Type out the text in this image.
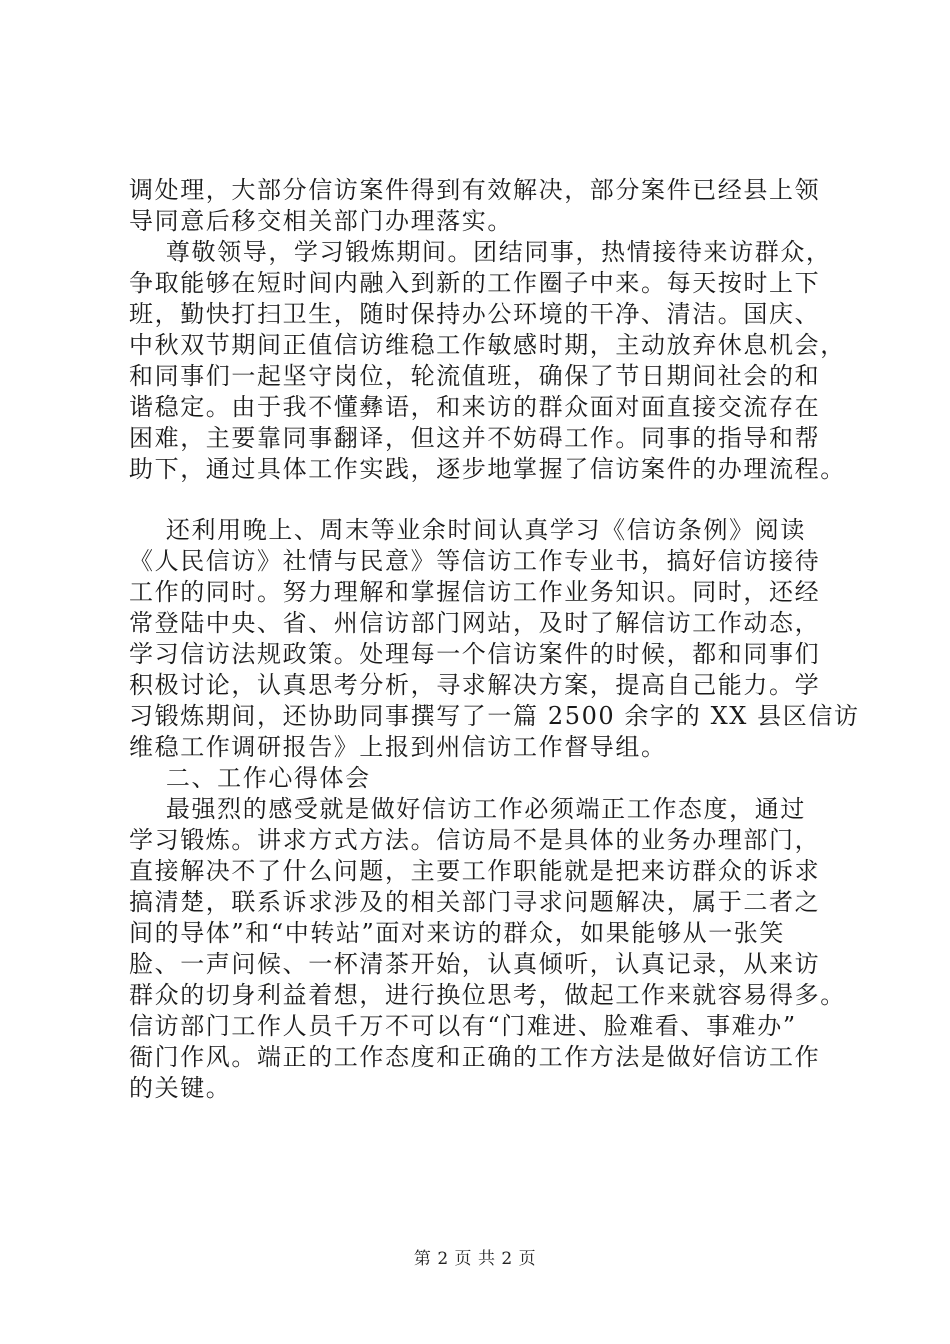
调处理，大部分信访案件得到有效解决，部分案件已经县上领
导同意后移交相关部门办理落实。

尊敬领导，学习锻炼期间。团结同事，热情接待来访群众，
争取能够在短时间内融入到新的工作圈子中来。每天按时上下
班，勤快打扫卫生，随时保持办公环境的干净、清洁。国庆、
中秋双节期间正值信访维稳工作敏感时期，主动放弃休息机会，
和同事们一起坚守岗位，轮流值班，确保了节日期间社会的和
谐稳定。由于我不懂彝语，和来访的群众面对面直接交流存在
困难，主要靠同事翻译，但这并不妨碍工作。同事的指导和帮
助下，通过具体工作实践，逐步地掌握了信访案件的办理流程。

还利用晚上、周末等业余时间认真学习《信访条例》阅读
《人民信访》社情与民意》等信访工作专业书，搞好信访接待
工作的同时。努力理解和掌握信访工作业务知识。同时，还经
常登陆中央、省、州信访部门网站，及时了解信访工作动态，
学习信访法规政策。处理每一个信访案件的时候，都和同事们
积极讨论，认真思考分析，寻求解决方案，提高自己能力。学
习锻炼期间，还协助同事撰写了一篇 2500 余字的 XX 县区信访
维稳工作调研报告》上报到州信访工作督导组。

二、工作心得体会

最强烈的感受就是做好信访工作必须端正工作态度，通过
学习锻炼。讲求方式方法。信访局不是具体的业务办理部门，
直接解决不了什么问题，主要工作职能就是把来访群众的诉求
搞清楚，联系诉求涉及的相关部门寻求问题解决，属于二者之
间的导体”和“中转站”面对来访的群众，如果能够从一张笑
脸、一声问候、一杯清茶开始，认真倾听，认真记录，从来访
群众的切身利益着想，进行换位思考，做起工作来就容易得多。
信访部门工作人员千万不可以有“门难进、脸难看、事难办”
衙门作风。端正的工作态度和正确的工作方法是做好信访工作
的关键。

第 2 页 共 2 页
